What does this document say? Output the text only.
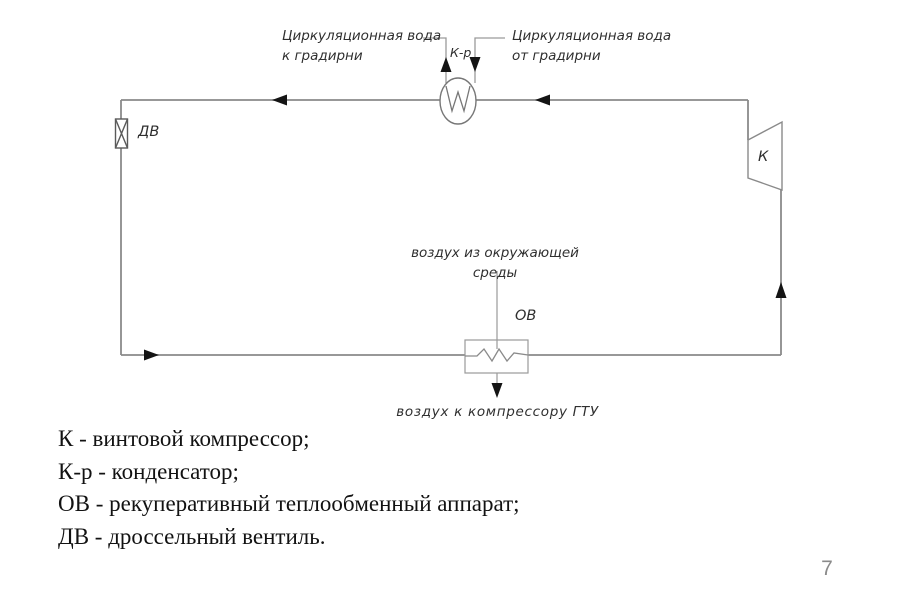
Циркуляционная вода
к градирни
Циркуляционная вода
от градирни
К-р
К
ДВ
ОВ
воздух из окружающей среды
воздух к компрессору ГТУ
К - винтовой компрессор;
К-р - конденсатор;
ОВ - рекуперативный теплообменный аппарат;
ДВ - дроссельный вентиль.
7
